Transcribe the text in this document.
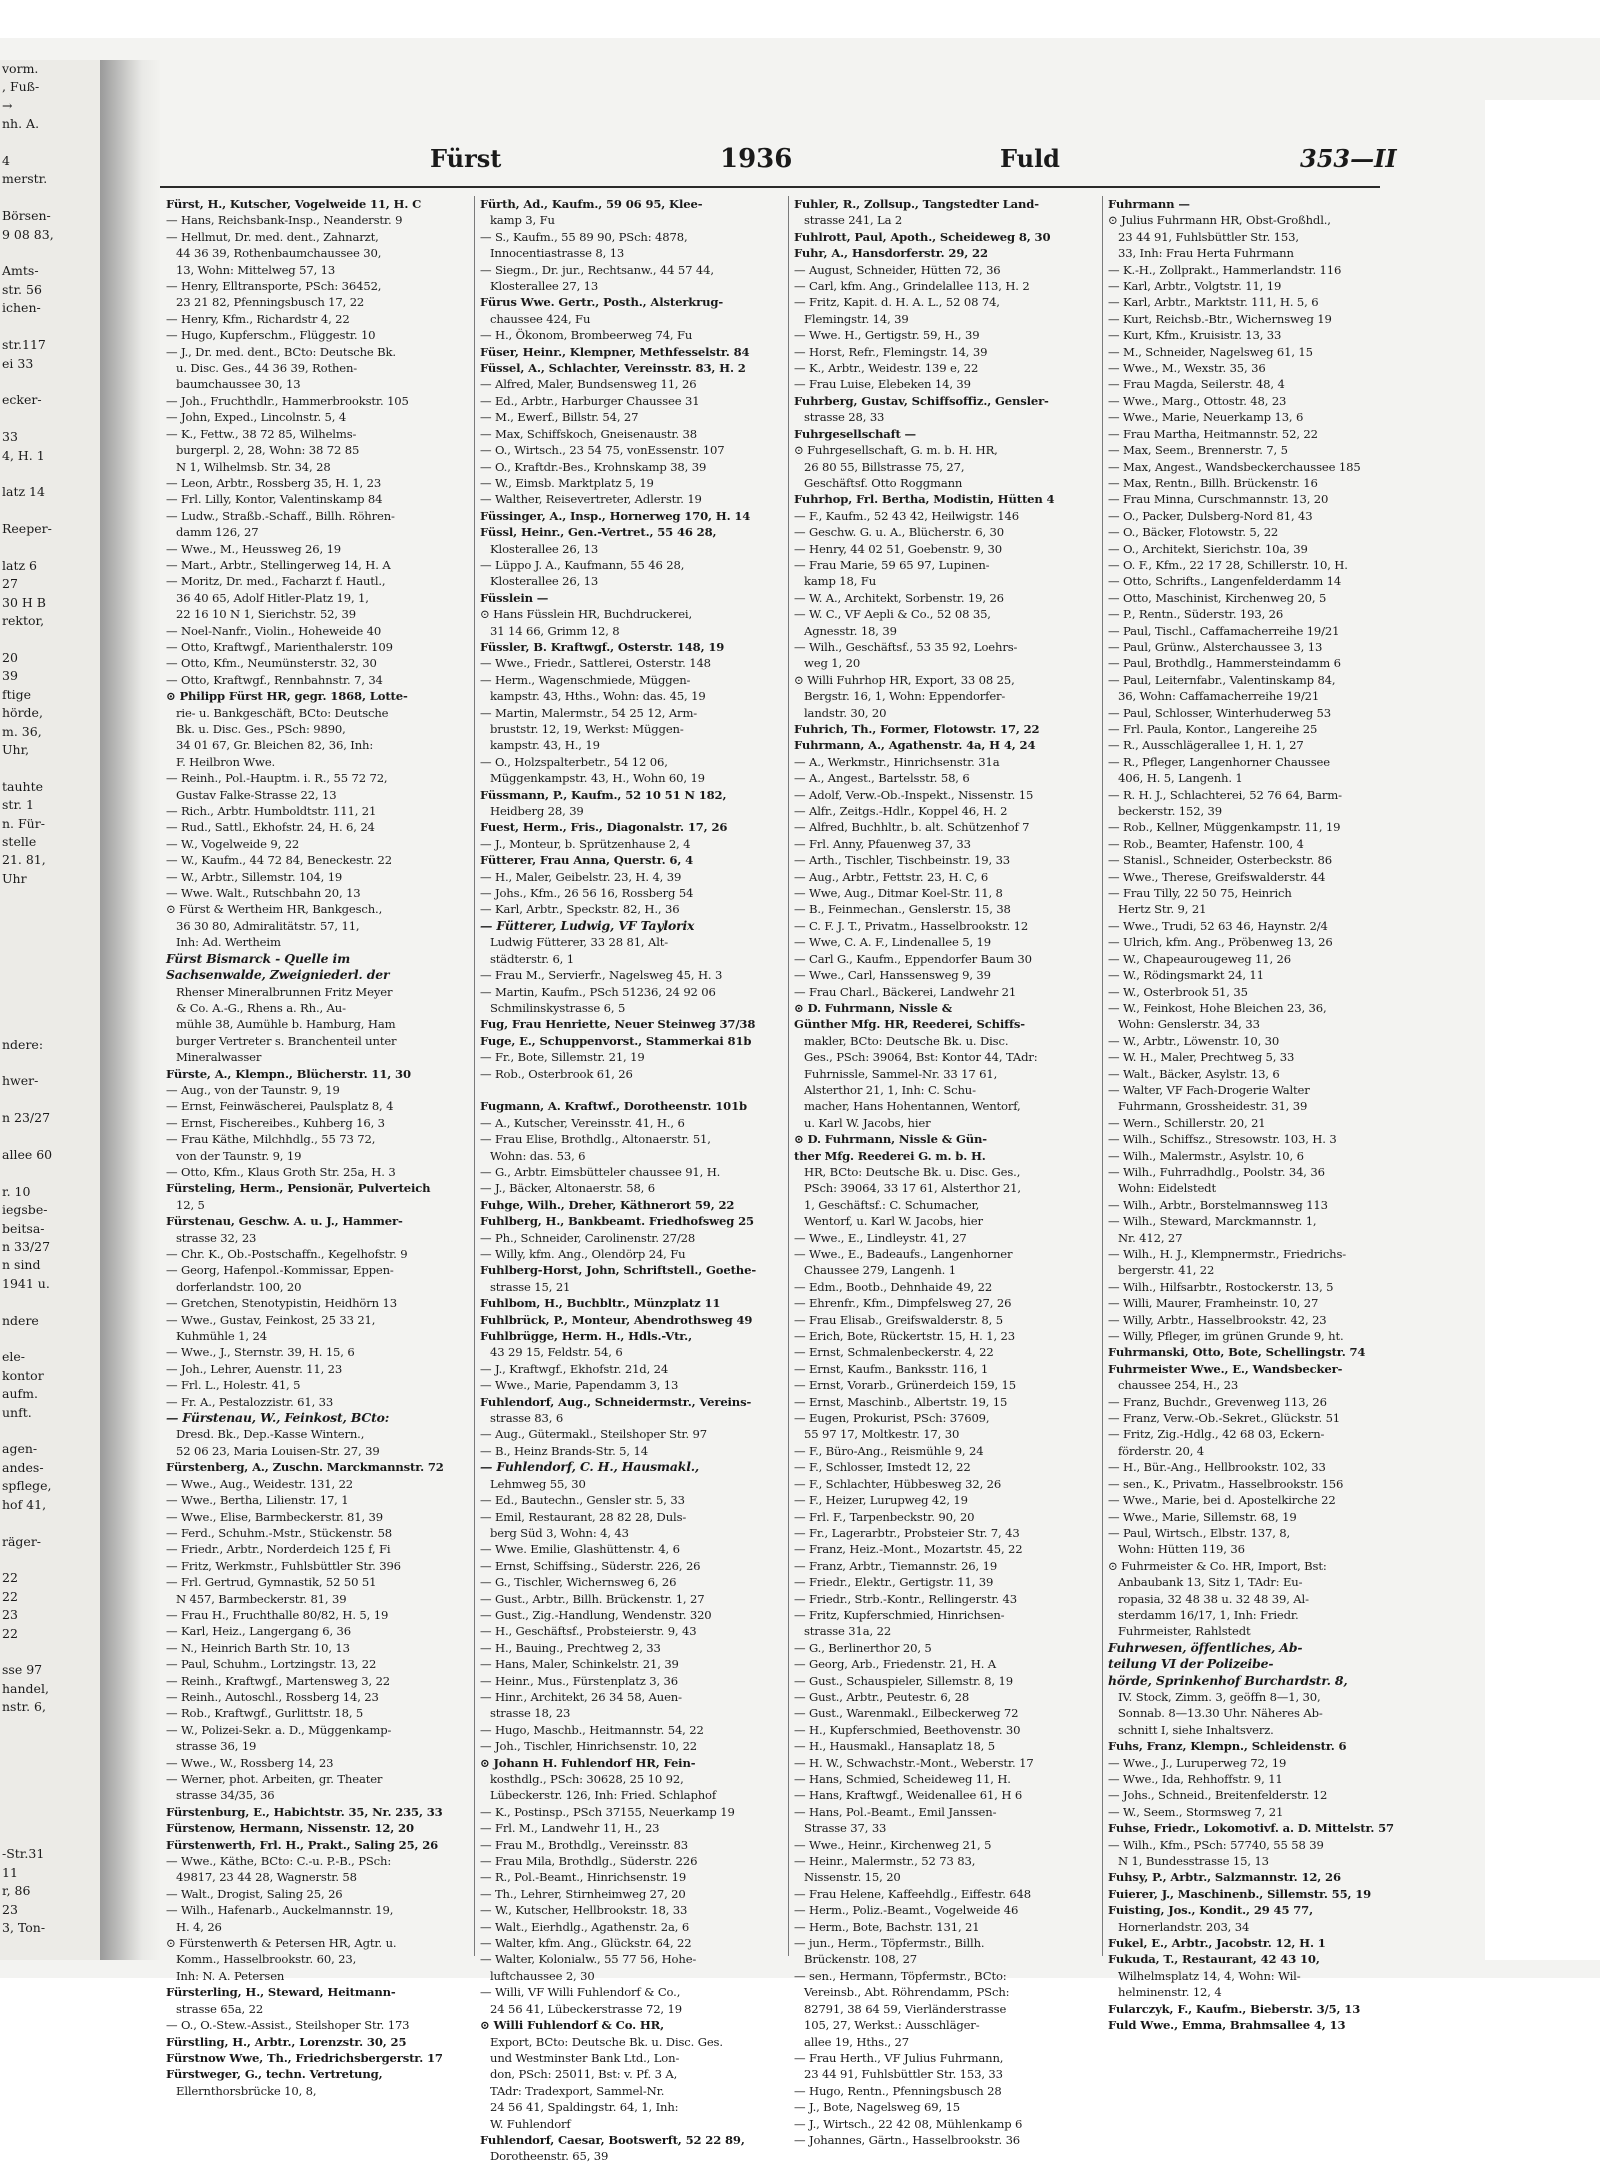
vorm.
, Fuß-
→
nh. A.

4
merstr.

Börsen-
9 08 83,

Amts-
str. 56
ichen-

str.117
ei 33

ecker-

33
4, H. 1

latz 14

Reeper-

latz 6
27
30 H B
rektor,

20
39
ftige
hörde,
m. 36,
Uhr,

tauhte
str. 1
n. Für-
stelle
21. 81,
Uhr

ndere:

hwer-

n 23/27

allee 60

r. 10
iegsbe-
beitsa-
n 33/27
n sind
1941 u.

ndere

ele-
kontor
aufm.
unft.

agen-
andes-
spflege,
hof 41,

räger-

22
22
23
22

sse 97
handel,
nstr. 6,

-Str.31
11
r, 86
23
3, Ton-
Fürst	1936	Fuld	353—II
Fürst, H., Kutscher, Vogelweide 11, H. C
— Hans, Reichsbank-Insp., Neanderstr. 9
— Hellmut, Dr. med. dent., Zahnarzt,
44 36 39, Rothenbaumchaussee 30,
13, Wohn: Mittelweg 57, 13
— Henry, Elltransporte, PSch: 36452,
23 21 82, Pfenningsbusch 17, 22
— Henry, Kfm., Richardstr 4, 22
— Hugo, Kupferschm., Flüggestr. 10
— J., Dr. med. dent., BCto: Deutsche Bk.
u. Disc. Ges., 44 36 39, Rothen-
baumchaussee 30, 13
— Joh., Fruchthdlr., Hammerbrookstr. 105
— John, Exped., Lincolnstr. 5, 4
— K., Fettw., 38 72 85, Wilhelms-
burgerpl. 2, 28, Wohn: 38 72 85
N 1, Wilhelmsb. Str. 34, 28
— Leon, Arbtr., Rossberg 35, H. 1, 23
— Frl. Lilly, Kontor, Valentinskamp 84
— Ludw., Straßb.-Schaff., Billh. Röhren-
damm 126, 27
— Wwe., M., Heussweg 26, 19
— Mart., Arbtr., Stellingerweg 14, H. A
— Moritz, Dr. med., Facharzt f. Hautl.,
36 40 65, Adolf Hitler-Platz 19, 1,
22 16 10 N 1, Sierichstr. 52, 39
— Noel-Nanfr., Violin., Hoheweide 40
— Otto, Kraftwgf., Marienthalerstr. 109
— Otto, Kfm., Neumünsterstr. 32, 30
— Otto, Kraftwgf., Rennbahnstr. 7, 34
⊙ Philipp Fürst HR, gegr. 1868, Lotte-
rie- u. Bankgeschäft, BCto: Deutsche
Bk. u. Disc. Ges., PSch: 9890,
34 01 67, Gr. Bleichen 82, 36, Inh:
F. Heilbron Wwe.
— Reinh., Pol.-Hauptm. i. R., 55 72 72,
Gustav Falke-Strasse 22, 13
— Rich., Arbtr. Humboldtstr. 111, 21
— Rud., Sattl., Ekhofstr. 24, H. 6, 24
— W., Vogelweide 9, 22
— W., Kaufm., 44 72 84, Beneckestr. 22
— W., Arbtr., Sillemstr. 104, 19
— Wwe. Walt., Rutschbahn 20, 13
⊙ Fürst & Wertheim HR, Bankgesch.,
36 30 80, Admiralitätstr. 57, 11,
Inh: Ad. Wertheim
Fürst Bismarck - Quelle im
Sachsenwalde, Zweigniederl. der
Rhenser Mineralbrunnen Fritz Meyer
& Co. A.-G., Rhens a. Rh., Au-
mühle 38, Aumühle b. Hamburg, Ham
burger Vertreter s. Branchenteil unter
Mineralwasser
Fürste, A., Klempn., Blücherstr. 11, 30
— Aug., von der Taunstr. 9, 19
— Ernst, Feinwäscherei, Paulsplatz 8, 4
— Ernst, Fischereibes., Kuhberg 16, 3
— Frau Käthe, Milchhdlg., 55 73 72,
von der Taunstr. 9, 19
— Otto, Kfm., Klaus Groth Str. 25a, H. 3
Fürsteling, Herm., Pensionär, Pulverteich
12, 5
Fürstenau, Geschw. A. u. J., Hammer-
strasse 32, 23
— Chr. K., Ob.-Postschaffn., Kegelhofstr. 9
— Georg, Hafenpol.-Kommissar, Eppen-
dorferlandstr. 100, 20
— Gretchen, Stenotypistin, Heidhörn 13
— Wwe., Gustav, Feinkost, 25 33 21,
Kuhmühle 1, 24
— Wwe., J., Sternstr. 39, H. 15, 6
— Joh., Lehrer, Auenstr. 11, 23
— Frl. L., Holestr. 41, 5
— Fr. A., Pestalozzistr. 61, 33
— Fürstenau, W., Feinkost, BCto:
Dresd. Bk., Dep.-Kasse Wintern.,
52 06 23, Maria Louisen-Str. 27, 39
Fürstenberg, A., Zuschn. Marckmannstr. 72
— Wwe., Aug., Weidestr. 131, 22
— Wwe., Bertha, Lilienstr. 17, 1
— Wwe., Elise, Barmbeckerstr. 81, 39
— Ferd., Schuhm.-Mstr., Stückenstr. 58
— Friedr., Arbtr., Norderdeich 125 f, Fi
— Fritz, Werkmstr., Fuhlsbüttler Str. 396
— Frl. Gertrud, Gymnastik, 52 50 51
N 457, Barmbeckerstr. 81, 39
— Frau H., Fruchthalle 80/82, H. 5, 19
— Karl, Heiz., Langergang 6, 36
— N., Heinrich Barth Str. 10, 13
— Paul, Schuhm., Lortzingstr. 13, 22
— Reinh., Kraftwgf., Martensweg 3, 22
— Reinh., Autoschl., Rossberg 14, 23
— Rob., Kraftwgf., Gurlittstr. 18, 5
— W., Polizei-Sekr. a. D., Müggenkamp-
strasse 36, 19
— Wwe., W., Rossberg 14, 23
— Werner, phot. Arbeiten, gr. Theater
strasse 34/35, 36
Fürstenburg, E., Habichtstr. 35, Nr. 235, 33
Fürstenow, Hermann, Nissenstr. 12, 20
Fürstenwerth, Frl. H., Prakt., Saling 25, 26
— Wwe., Käthe, BCto: C.-u. P.-B., PSch:
49817, 23 44 28, Wagnerstr. 58
— Walt., Drogist, Saling 25, 26
— Wilh., Hafenarb., Auckelmannstr. 19,
H. 4, 26
⊙ Fürstenwerth & Petersen HR, Agtr. u.
Komm., Hasselbrookstr. 60, 23,
Inh: N. A. Petersen
Fürsterling, H., Steward, Heitmann-
strasse 65a, 22
— O., O.-Stew.-Assist., Steilshoper Str. 173
Fürstling, H., Arbtr., Lorenzstr. 30, 25
Fürstnow Wwe, Th., Friedrichsbergerstr. 17
Fürstweger, G., techn. Vertretung,
Ellernthorsbrücke 10, 8,
Fürth, Ad., Kaufm., 59 06 95, Klee-
kamp 3, Fu
— S., Kaufm., 55 89 90, PSch: 4878,
Innocentiastrasse 8, 13
— Siegm., Dr. jur., Rechtsanw., 44 57 44,
Klosterallee 27, 13
Fürus Wwe. Gertr., Posth., Alsterkrug-
chaussee 424, Fu
— H., Ökonom, Brombeerweg 74, Fu
Füser, Heinr., Klempner, Methfesselstr. 84
Füssel, A., Schlachter, Vereinsstr. 83, H. 2
— Alfred, Maler, Bundsensweg 11, 26
— Ed., Arbtr., Harburger Chaussee 31
— M., Ewerf., Billstr. 54, 27
— Max, Schiffskoch, Gneisenaustr. 38
— O., Wirtsch., 23 54 75, vonEssenstr. 107
— O., Kraftdr.-Bes., Krohnskamp 38, 39
— W., Eimsb. Marktplatz 5, 19
— Walther, Reisevertreter, Adlerstr. 19
Füssinger, A., Insp., Hornerweg 170, H. 14
Füssl, Heinr., Gen.-Vertret., 55 46 28,
Klosterallee 26, 13
— Lüppo J. A., Kaufmann, 55 46 28,
Klosterallee 26, 13
Füsslein —
⊙ Hans Füsslein HR, Buchdruckerei,
31 14 66, Grimm 12, 8
Füssler, B. Kraftwgf., Osterstr. 148, 19
— Wwe., Friedr., Sattlerei, Osterstr. 148
— Herm., Wagenschmiede, Müggen-
kampstr. 43, Hths., Wohn: das. 45, 19
— Martin, Malermstr., 54 25 12, Arm-
bruststr. 12, 19, Werkst: Müggen-
kampstr. 43, H., 19
— O., Holzspalterbetr., 54 12 06,
Müggenkampstr. 43, H., Wohn 60, 19
Füssmann, P., Kaufm., 52 10 51 N 182,
Heidberg 28, 39
Fuest, Herm., Fris., Diagonalstr. 17, 26
— J., Monteur, b. Sprützenhause 2, 4
Fütterer, Frau Anna, Querstr. 6, 4
— H., Maler, Geibelstr. 23, H. 4, 39
— Johs., Kfm., 26 56 16, Rossberg 54
— Karl, Arbtr., Speckstr. 82, H., 36
— Fütterer, Ludwig, VF Taylorix
Ludwig Fütterer, 33 28 81, Alt-
städterstr. 6, 1
— Frau M., Servierfr., Nagelsweg 45, H. 3
— Martin, Kaufm., PSch 51236, 24 92 06
Schmilinskystrasse 6, 5
Fug, Frau Henriette, Neuer Steinweg 37/38
Fuge, E., Schuppenvorst., Stammerkai 81b
— Fr., Bote, Sillemstr. 21, 19
— Rob., Osterbrook 61, 26

Fugmann, A. Kraftwf., Dorotheenstr. 101b
— A., Kutscher, Vereinsstr. 41, H., 6
— Frau Elise, Brothdlg., Altonaerstr. 51,
Wohn: das. 53, 6
— G., Arbtr. Eimsbütteler chaussee 91, H.
— J., Bäcker, Altonaerstr. 58, 6
Fuhge, Wilh., Dreher, Käthnerort 59, 22
Fuhlberg, H., Bankbeamt. Friedhofsweg 25
— Ph., Schneider, Carolinenstr. 27/28
— Willy, kfm. Ang., Olendörp 24, Fu
Fuhlberg-Horst, John, Schriftstell., Goethe-
strasse 15, 21
Fuhlbom, H., Buchbltr., Münzplatz 11
Fuhlbrück, P., Monteur, Abendrothsweg 49
Fuhlbrügge, Herm. H., Hdls.-Vtr.,
43 29 15, Feldstr. 54, 6
— J., Kraftwgf., Ekhofstr. 21d, 24
— Wwe., Marie, Papendamm 3, 13
Fuhlendorf, Aug., Schneidermstr., Vereins-
strasse 83, 6
— Aug., Gütermakl., Steilshoper Str. 97
— B., Heinz Brands-Str. 5, 14
— Fuhlendorf, C. H., Hausmakl.,
Lehmweg 55, 30
— Ed., Bautechn., Gensler str. 5, 33
— Emil, Restaurant, 28 82 28, Duls-
berg Süd 3, Wohn: 4, 43
— Wwe. Emilie, Glashüttenstr. 4, 6
— Ernst, Schiffsing., Süderstr. 226, 26
— G., Tischler, Wichernsweg 6, 26
— Gust., Arbtr., Billh. Brückenstr. 1, 27
— Gust., Zig.-Handlung, Wendenstr. 320
— H., Geschäftsf., Probsteierstr. 9, 43
— H., Bauing., Prechtweg 2, 33
— Hans, Maler, Schinkelstr. 21, 39
— Heinr., Mus., Fürstenplatz 3, 36
— Hinr., Architekt, 26 34 58, Auen-
strasse 18, 23
— Hugo, Maschb., Heitmannstr. 54, 22
— Joh., Tischler, Hinrichsenstr. 10, 22
⊙ Johann H. Fuhlendorf HR, Fein-
kosthdlg., PSch: 30628, 25 10 92,
Lübeckerstr. 126, Inh: Fried. Schlaphof
— K., Postinsp., PSch 37155, Neuerkamp 19
— Frl. M., Landwehr 11, H., 23
— Frau M., Brothdlg., Vereinsstr. 83
— Frau Mila, Brothdlg., Süderstr. 226
— R., Pol.-Beamt., Hinrichsenstr. 19
— Th., Lehrer, Stirnheimweg 27, 20
— W., Kutscher, Hellbrookstr. 18, 33
— Walt., Eierhdlg., Agathenstr. 2a, 6
— Walter, kfm. Ang., Glückstr. 64, 22
— Walter, Kolonialw., 55 77 56, Hohe-
luftchaussee 2, 30
— Willi, VF Willi Fuhlendorf & Co.,
24 56 41, Lübeckerstrasse 72, 19
⊙ Willi Fuhlendorf & Co. HR,
Export, BCto: Deutsche Bk. u. Disc. Ges.
und Westminster Bank Ltd., Lon-
don, PSch: 25011, Bst: v. Pf. 3 A,
TAdr: Tradexport, Sammel-Nr.
24 56 41, Spaldingstr. 64, 1, Inh:
W. Fuhlendorf
Fuhlendorf, Caesar, Bootswerft, 52 22 89,
Dorotheenstr. 65, 39
Fuhler, R., Zollsup., Tangstedter Land-
strasse 241, La 2
Fuhlrott, Paul, Apoth., Scheideweg 8, 30
Fuhr, A., Hansdorferstr. 29, 22
— August, Schneider, Hütten 72, 36
— Carl, kfm. Ang., Grindelallee 113, H. 2
— Fritz, Kapit. d. H. A. L., 52 08 74,
Flemingstr. 14, 39
— Wwe. H., Gertigstr. 59, H., 39
— Horst, Refr., Flemingstr. 14, 39
— K., Arbtr., Weidestr. 139 e, 22
— Frau Luise, Elebeken 14, 39
Fuhrberg, Gustav, Schiffsoffiz., Gensler-
strasse 28, 33
Fuhrgesellschaft —
⊙ Fuhrgesellschaft, G. m. b. H. HR,
26 80 55, Billstrasse 75, 27,
Geschäftsf. Otto Roggmann
Fuhrhop, Frl. Bertha, Modistin, Hütten 4
— F., Kaufm., 52 43 42, Heilwigstr. 146
— Geschw. G. u. A., Blücherstr. 6, 30
— Henry, 44 02 51, Goebenstr. 9, 30
— Frau Marie, 59 65 97, Lupinen-
kamp 18, Fu
— W. A., Architekt, Sorbenstr. 19, 26
— W. C., VF Aepli & Co., 52 08 35,
Agnesstr. 18, 39
— Wilh., Geschäftsf., 53 35 92, Loehrs-
weg 1, 20
⊙ Willi Fuhrhop HR, Export, 33 08 25,
Bergstr. 16, 1, Wohn: Eppendorfer-
landstr. 30, 20
Fuhrich, Th., Former, Flotowstr. 17, 22
Fuhrmann, A., Agathenstr. 4a, H 4, 24
— A., Werkmstr., Hinrichsenstr. 31a
— A., Angest., Bartelsstr. 58, 6
— Adolf, Verw.-Ob.-Inspekt., Nissenstr. 15
— Alfr., Zeitgs.-Hdlr., Koppel 46, H. 2
— Alfred, Buchhltr., b. alt. Schützenhof 7
— Frl. Anny, Pfauenweg 37, 33
— Arth., Tischler, Tischbeinstr. 19, 33
— Aug., Arbtr., Fettstr. 23, H. C, 6
— Wwe, Aug., Ditmar Koel-Str. 11, 8
— B., Feinmechan., Genslerstr. 15, 38
— C. F. J. T., Privatm., Hasselbrookstr. 12
— Wwe, C. A. F., Lindenallee 5, 19
— Carl G., Kaufm., Eppendorfer Baum 30
— Wwe., Carl, Hanssensweg 9, 39
— Frau Charl., Bäckerei, Landwehr 21
⊙ D. Fuhrmann, Nissle &
Günther Mfg. HR, Reederei, Schiffs-
makler, BCto: Deutsche Bk. u. Disc.
Ges., PSch: 39064, Bst: Kontor 44, TAdr:
Fuhrnissle, Sammel-Nr. 33 17 61,
Alsterthor 21, 1, Inh: C. Schu-
macher, Hans Hohentannen, Wentorf,
u. Karl W. Jacobs, hier
⊙ D. Fuhrmann, Nissle & Gün-
ther Mfg. Reederei G. m. b. H.
HR, BCto: Deutsche Bk. u. Disc. Ges.,
PSch: 39064, 33 17 61, Alsterthor 21,
1, Geschäftsf.: C. Schumacher,
Wentorf, u. Karl W. Jacobs, hier
— Wwe., E., Lindleystr. 41, 27
— Wwe., E., Badeaufs., Langenhorner
Chaussee 279, Langenh. 1
— Edm., Bootb., Dehnhaide 49, 22
— Ehrenfr., Kfm., Dimpfelsweg 27, 26
— Frau Elisab., Greifswalderstr. 8, 5
— Erich, Bote, Rückertstr. 15, H. 1, 23
— Ernst, Schmalenbeckerstr. 4, 22
— Ernst, Kaufm., Banksstr. 116, 1
— Ernst, Vorarb., Grünerdeich 159, 15
— Ernst, Maschinb., Albertstr. 19, 15
— Eugen, Prokurist, PSch: 37609,
55 97 17, Moltkestr. 17, 30
— F., Büro-Ang., Reismühle 9, 24
— F., Schlosser, Imstedt 12, 22
— F., Schlachter, Hübbesweg 32, 26
— F., Heizer, Lurupweg 42, 19
— Frl. F., Tarpenbeckstr. 90, 20
— Fr., Lagerarbtr., Probsteier Str. 7, 43
— Franz, Heiz.-Mont., Mozartstr. 45, 22
— Franz, Arbtr., Tiemannstr. 26, 19
— Friedr., Elektr., Gertigstr. 11, 39
— Friedr., Strb.-Kontr., Rellingerstr. 43
— Fritz, Kupferschmied, Hinrichsen-
strasse 31a, 22
— G., Berlinerthor 20, 5
— Georg, Arb., Friedenstr. 21, H. A
— Gust., Schauspieler, Sillemstr. 8, 19
— Gust., Arbtr., Peutestr. 6, 28
— Gust., Warenmakl., Eilbeckerweg 72
— H., Kupferschmied, Beethovenstr. 30
— H., Hausmakl., Hansaplatz 18, 5
— H. W., Schwachstr.-Mont., Weberstr. 17
— Hans, Schmied, Scheideweg 11, H.
— Hans, Kraftwgf., Weidenallee 61, H 6
— Hans, Pol.-Beamt., Emil Janssen-
Strasse 37, 33
— Wwe., Heinr., Kirchenweg 21, 5
— Heinr., Malermstr., 52 73 83,
Nissenstr. 15, 20
— Frau Helene, Kaffeehdlg., Eiffestr. 648
— Herm., Poliz.-Beamt., Vogelweide 46
— Herm., Bote, Bachstr. 131, 21
— jun., Herm., Töpfermstr., Billh.
Brückenstr. 108, 27
— sen., Hermann, Töpfermstr., BCto:
Vereinsb., Abt. Röhrendamm, PSch:
82791, 38 64 59, Vierländerstrasse
105, 27, Werkst.: Ausschläger-
allee 19, Hths., 27
— Frau Herth., VF Julius Fuhrmann,
23 44 91, Fuhlsbüttler Str. 153, 33
— Hugo, Rentn., Pfenningsbusch 28
— J., Bote, Nagelsweg 69, 15
— J., Wirtsch., 22 42 08, Mühlenkamp 6
— Johannes, Gärtn., Hasselbrookstr. 36
Fuhrmann —
⊙ Julius Fuhrmann HR, Obst-Großhdl.,
23 44 91, Fuhlsbüttler Str. 153,
33, Inh: Frau Herta Fuhrmann
— K.-H., Zollprakt., Hammerlandstr. 116
— Karl, Arbtr., Volgtstr. 11, 19
— Karl, Arbtr., Marktstr. 111, H. 5, 6
— Kurt, Reichsb.-Btr., Wichernsweg 19
— Kurt, Kfm., Kruisistr. 13, 33
— M., Schneider, Nagelsweg 61, 15
— Wwe., M., Wexstr. 35, 36
— Frau Magda, Seilerstr. 48, 4
— Wwe., Marg., Ottostr. 48, 23
— Wwe., Marie, Neuerkamp 13, 6
— Frau Martha, Heitmannstr. 52, 22
— Max, Seem., Brennerstr. 7, 5
— Max, Angest., Wandsbeckerchaussee 185
— Max, Rentn., Billh. Brückenstr. 16
— Frau Minna, Curschmannstr. 13, 20
— O., Packer, Dulsberg-Nord 81, 43
— O., Bäcker, Flotowstr. 5, 22
— O., Architekt, Sierichstr. 10a, 39
— O. F., Kfm., 22 17 28, Schillerstr. 10, H.
— Otto, Schrifts., Langenfelderdamm 14
— Otto, Maschinist, Kirchenweg 20, 5
— P., Rentn., Süderstr. 193, 26
— Paul, Tischl., Caffamacherreihe 19/21
— Paul, Grünw., Alsterchaussee 3, 13
— Paul, Brothdlg., Hammersteindamm 6
— Paul, Leiternfabr., Valentinskamp 84,
36, Wohn: Caffamacherreihe 19/21
— Paul, Schlosser, Winterhuderweg 53
— Frl. Paula, Kontor., Langereihe 25
— R., Ausschlägerallee 1, H. 1, 27
— R., Pfleger, Langenhorner Chaussee
406, H. 5, Langenh. 1
— R. H. J., Schlachterei, 52 76 64, Barm-
beckerstr. 152, 39
— Rob., Kellner, Müggenkampstr. 11, 19
— Rob., Beamter, Hafenstr. 100, 4
— Stanisl., Schneider, Osterbeckstr. 86
— Wwe., Therese, Greifswalderstr. 44
— Frau Tilly, 22 50 75, Heinrich
Hertz Str. 9, 21
— Wwe., Trudi, 52 63 46, Haynstr. 2/4
— Ulrich, kfm. Ang., Pröbenweg 13, 26
— W., Chapeaurougeweg 11, 26
— W., Rödingsmarkt 24, 11
— W., Osterbrook 51, 35
— W., Feinkost, Hohe Bleichen 23, 36,
Wohn: Genslerstr. 34, 33
— W., Arbtr., Löwenstr. 10, 30
— W. H., Maler, Prechtweg 5, 33
— Walt., Bäcker, Asylstr. 13, 6
— Walter, VF Fach-Drogerie Walter
Fuhrmann, Grossheidestr. 31, 39
— Wern., Schillerstr. 20, 21
— Wilh., Schiffsz., Stresowstr. 103, H. 3
— Wilh., Malermstr., Asylstr. 10, 6
— Wilh., Fuhrradhdlg., Poolstr. 34, 36
Wohn: Eidelstedt
— Wilh., Arbtr., Borstelmannsweg 113
— Wilh., Steward, Marckmannstr. 1,
Nr. 412, 27
— Wilh., H. J., Klempnermstr., Friedrichs-
bergerstr. 41, 22
— Wilh., Hilfsarbtr., Rostockerstr. 13, 5
— Willi, Maurer, Framheinstr. 10, 27
— Willy, Arbtr., Hasselbrookstr. 42, 23
— Willy, Pfleger, im grünen Grunde 9, ht.
Fuhrmanski, Otto, Bote, Schellingstr. 74
Fuhrmeister Wwe., E., Wandsbecker-
chaussee 254, H., 23
— Franz, Buchdr., Grevenweg 113, 26
— Franz, Verw.-Ob.-Sekret., Glückstr. 51
— Fritz, Zig.-Hdlg., 42 68 03, Eckern-
förderstr. 20, 4
— H., Bür.-Ang., Hellbrookstr. 102, 33
— sen., K., Privatm., Hasselbrookstr. 156
— Wwe., Marie, bei d. Apostelkirche 22
— Wwe., Marie, Sillemstr. 68, 19
— Paul, Wirtsch., Elbstr. 137, 8,
Wohn: Hütten 119, 36
⊙ Fuhrmeister & Co. HR, Import, Bst:
Anbaubank 13, Sitz 1, TAdr: Eu-
ropasia, 32 48 38 u. 32 48 39, Al-
sterdamm 16/17, 1, Inh: Friedr.
Fuhrmeister, Rahlstedt
Fuhrwesen, öffentliches, Ab-
teilung VI der Polizeibe-
hörde, Sprinkenhof Burchardstr. 8,
IV. Stock, Zimm. 3, geöffn 8—1, 30,
Sonnab. 8—13.30 Uhr. Näheres Ab-
schnitt I, siehe Inhaltsverz.
Fuhs, Franz, Klempn., Schleidenstr. 6
— Wwe., J., Luruperweg 72, 19
— Wwe., Ida, Rehhoffstr. 9, 11
— Johs., Schneid., Breitenfelderstr. 12
— W., Seem., Stormsweg 7, 21
Fuhse, Friedr., Lokomotivf. a. D. Mittelstr. 57
— Wilh., Kfm., PSch: 57740, 55 58 39
N 1, Bundesstrasse 15, 13
Fuhsy, P., Arbtr., Salzmannstr. 12, 26
Fuierer, J., Maschinenb., Sillemstr. 55, 19
Fuisting, Jos., Kondit., 29 45 77,
Hornerlandstr. 203, 34
Fukel, E., Arbtr., Jacobstr. 12, H. 1
Fukuda, T., Restaurant, 42 43 10,
Wilhelmsplatz 14, 4, Wohn: Wil-
helminenstr. 12, 4
Fularczyk, F., Kaufm., Bieberstr. 3/5, 13
Fuld Wwe., Emma, Brahmsallee 4, 13
